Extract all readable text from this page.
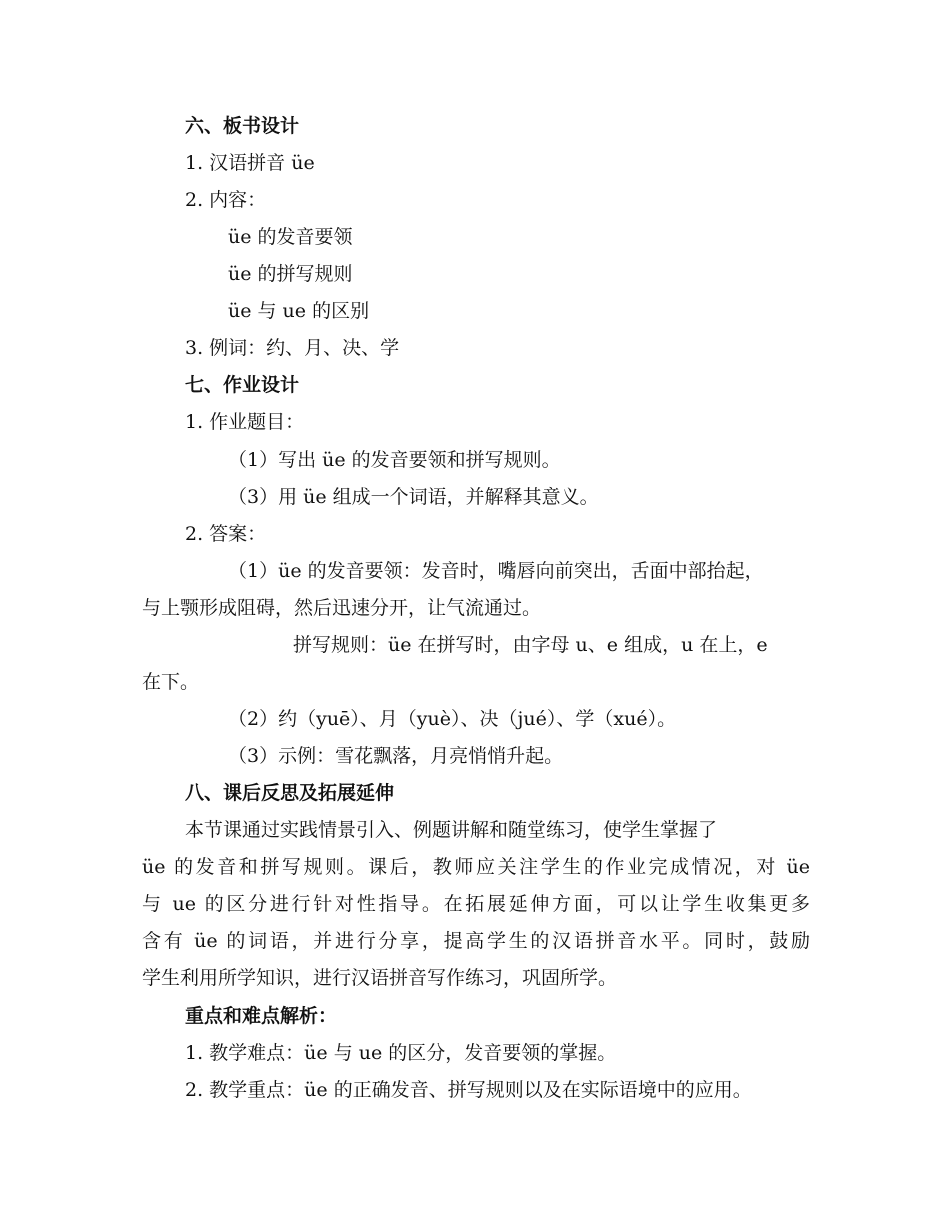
六、板书设计
1. 汉语拼音 üe
2. 内容：
üe 的发音要领
üe 的拼写规则
üe 与 ue 的区别
3. 例词：约、月、决、学
七、作业设计
1. 作业题目：
（1）写出 üe 的发音要领和拼写规则。
（3）用 üe 组成一个词语，并解释其意义。
2. 答案：
（1）üe 的发音要领：发音时，嘴唇向前突出，舌面中部抬起，
与上颚形成阻碍，然后迅速分开，让气流通过。
拼写规则：üe 在拼写时，由字母 u、e 组成，u 在上，e
在下。
（2）约（yuē）、月（yuè）、决（jué）、学（xué）。
（3）示例：雪花飘落，月亮悄悄升起。
八、课后反思及拓展延伸
本节课通过实践情景引入、例题讲解和随堂练习，使学生掌握了
üe 的发音和拼写规则。课后，教师应关注学生的作业完成情况，对 üe
与 ue 的区分进行针对性指导。在拓展延伸方面，可以让学生收集更多
含有 üe 的词语，并进行分享，提高学生的汉语拼音水平。同时，鼓励
学生利用所学知识，进行汉语拼音写作练习，巩固所学。
重点和难点解析：
1. 教学难点：üe 与 ue 的区分，发音要领的掌握。
2. 教学重点：üe 的正确发音、拼写规则以及在实际语境中的应用。
